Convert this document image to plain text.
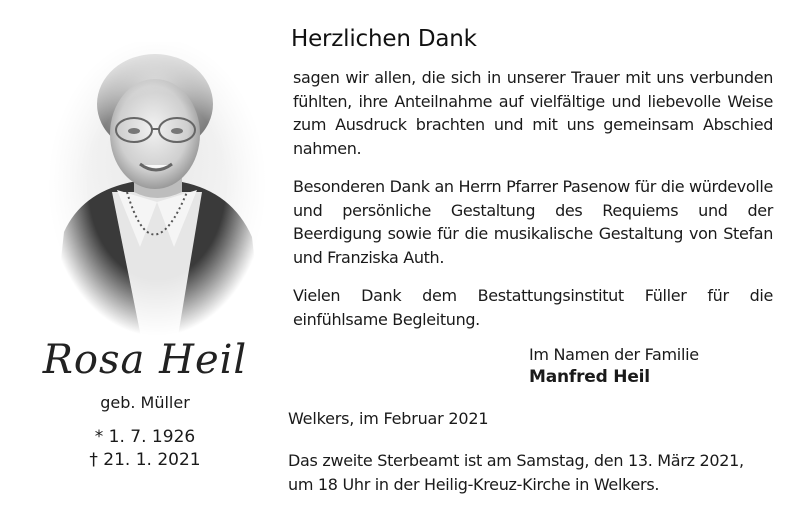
Rosa Heil
geb. Müller
* 1. 7. 1926
† 21. 1. 2021
Herzlichen Dank

sagen wir allen, die sich in unserer Trauer mit uns verbunden fühlten, ihre Anteilnahme auf vielfältige und liebevolle Weise zum Ausdruck brachten und mit uns gemeinsam Abschied nahmen.

Besonderen Dank an Herrn Pfarrer Pasenow für die würdevolle und persönliche Gestaltung des Requiems und der Beerdigung sowie für die musikalische Gestaltung von Stefan und Franziska Auth.

Vielen Dank dem Bestattungsinstitut Füller für die einfühlsame Begleitung.

Im Namen der Familie
Manfred Heil
Welkers, im Februar 2021
Das zweite Sterbeamt ist am Samstag, den 13. März 2021,
um 18 Uhr in der Heilig-Kreuz-Kirche in Welkers.
